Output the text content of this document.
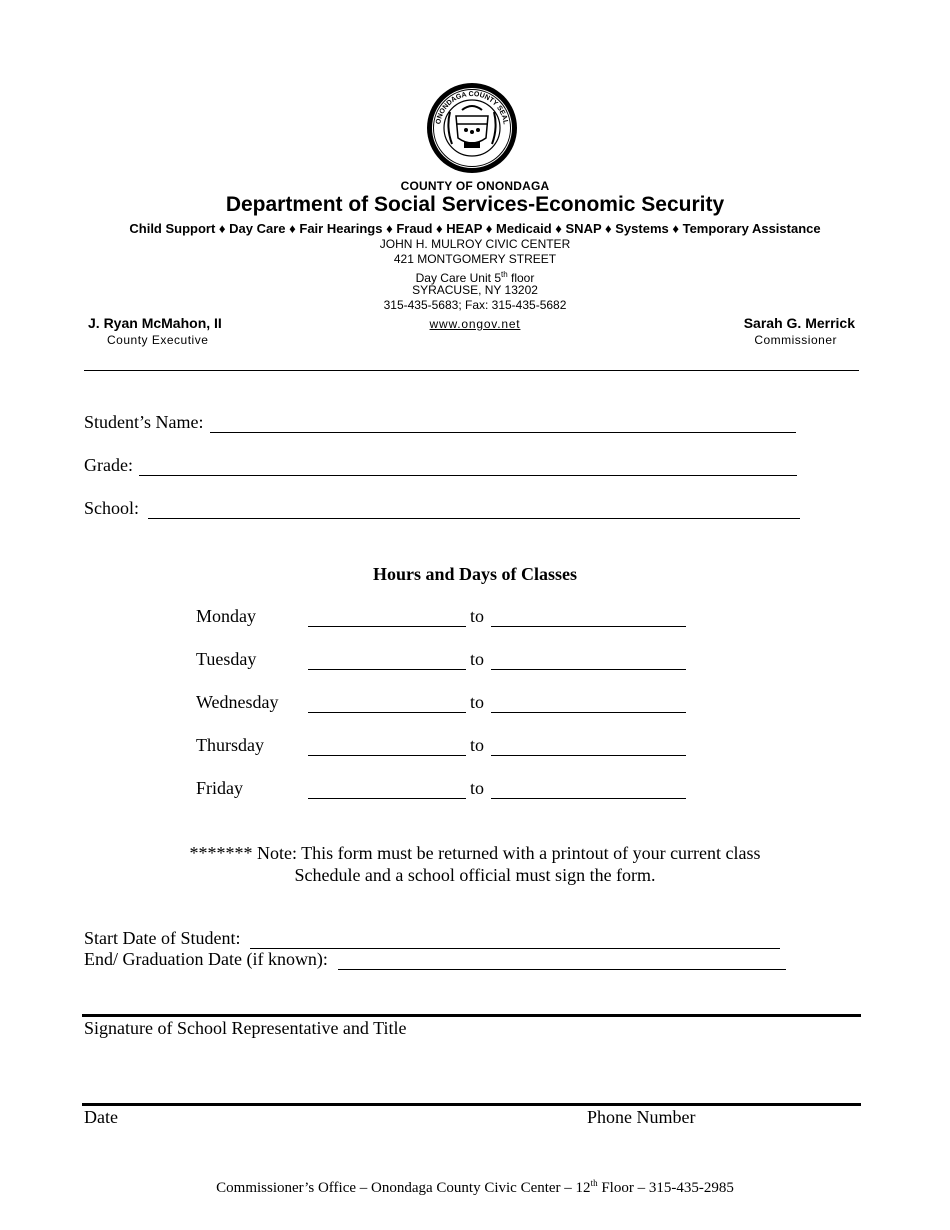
ONONDAGA COUNTY SEAL
COUNTY OF ONONDAGA
Department of Social Services-Economic Security
Child Support ♦ Day Care ♦ Fair Hearings ♦ Fraud ♦ HEAP ♦ Medicaid ♦ SNAP ♦ Systems ♦ Temporary Assistance
JOHN H. MULROY CIVIC CENTER
421 MONTGOMERY STREET
Day Care Unit 5th floor
SYRACUSE, NY 13202
315-435-5683; Fax: 315-435-5682
www.ongov.net
J. Ryan McMahon, II
County Executive
Sarah G. Merrick
Commissioner
Student’s Name:
Grade:
School:
Hours and Days of Classes
Monday	to
Tuesday	to
Wednesday	to
Thursday	to
Friday	to
******* Note: This form must be returned with a printout of your current class
Schedule and a school official must sign the form.
Start Date of Student:
End/ Graduation Date (if known):
Signature of School Representative and Title
Date	Phone Number
Commissioner’s Office – Onondaga County Civic Center – 12th Floor – 315-435-2985
